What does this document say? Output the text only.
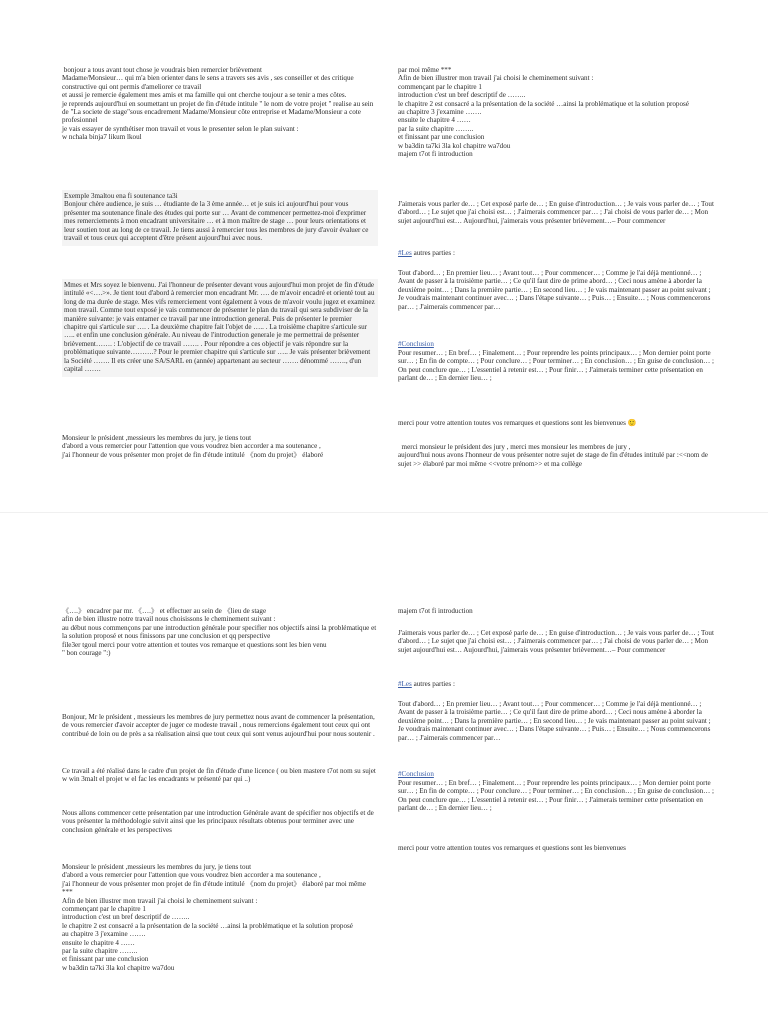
bonjour a tous avant tout chose je voudrais bien remercier brièvement
Madame/Monsieur… qui m'a bien orienter dans le sens a travers ses avis , ses conseiller et des critique constructive qui ont permis d'ameliorer ce travail
et aussi je remercie également mes amis et ma famille qui ont cherche toujour a se tenir a mes côtes.
je reprends aujourd'hui en soumettant un projet de fin d'étude intitule " le nom de votre projet " realise au sein de "La societe de stage"sous encadrement Madame/Monsieur côte entreprise et Madame/Monsieur a cote profesionnel
je vais essayer de synthétiser mon travail et vous le presenter selon le plan suivant :
w nchala binja7 likum lkoul
Exemple 3maltou ena fi soutenance ta3i
Bonjour chère audience, je suis … étudiante de la 3 ème année… et je suis ici aujourd'hui pour vous présenter ma soutenance finale des études qui porte sur … Avant de commencer permettez-moi d'exprimer mes remerciements à mon encadrant universitaire … et à mon maître de stage … pour leurs orientations et leur soutien tout au long de ce travail. Je tiens aussi à remercier tous les membres de jury d'avoir évaluer ce travail et tous ceux qui acceptent d'être présent aujourd'hui avec nous.
Mmes et Mrs soyez le bienvenu. J'ai l'honneur de présenter devant vous aujourd'hui mon projet de fin d'étude intitulé «<….>». Je tient tout d'abord à remercier mon encadrant Mr. …. de m'avoir encadré et orienté tout au long de ma durée de stage. Mes vifs remerciement vont également à vous de m'avoir voulu jugez et examinez mon travail. Comme tout exposé je vais commencer de présenter le plan du travail qui sera subdiviser de la manière suivante: je vais entamer ce travail par une introduction general. Puis de présenter le premier chapitre qui s'articule sur …. . La deuxième chapitre fait l'objet de ….. . La troisième chapitre s'articule sur ….. et enfin une conclusion générale. Au niveau de l'introduction generale je me permettrai de présenter brièvement……. : L'objectif de ce travail ……. . Pour répondre a ces objectif je vais répondre sur la problématique suivante……….? Pour le premier chapitre qui s'articule sur ….. Je vais présenter brièvement la Société ……. Il ets créer une SA/SARL en (année) appartenant au secteur ……. dénommé ……., d'un capital …….
Monsieur le président ,messieurs les membres du jury, je tiens tout
d'abord a vous remercier pour l'attention que vous voudrez bien accorder a ma soutenance ,
j'ai l'honneur de vous présenter mon projet de fin d'étude intitulé 《nom du projet》 élaboré
par moi même ***
Afin de bien illustrer mon travail j'ai choisi le cheminement suivant :
commençant par le chapitre 1
introduction c'est un bref descriptif de ……..
le chapitre 2 est consacré a la présentation de la société …ainsi la problématique et la solution proposé
au chapitre 3 j'examine …….
ensuite le chapitre 4 ……
par la suite chapitre ……..
et finissant par une conclusion
w ba3din ta7ki 3la kol chapitre wa7dou
majem t7ot fi introduction
J'aimerais vous parler de… ; Cet exposé parle de… ; En guise d'introduction… ; Je vais vous parler de… ; Tout d'abord… ; Le sujet que j'ai choisi est… ; J'aimerais commencer par… ; J'ai choisi de vous parler de… ; Mon sujet aujourd'hui est… Aujourd'hui, j'aimerais vous présenter brièvement…– Pour commencer
#Les autres parties :
Tout d'abord… ; En premier lieu… ; Avant tout… ; Pour commencer… ; Comme je l'ai déjà mentionné… ; Avant de passer à la troisième partie… ; Ce qu'il faut dire de prime abord… ; Ceci nous amène à aborder la deuxième point… ; Dans la première partie… ; En second lieu… ; Je vais maintenant passer au point suivant ; Je voudrais maintenant continuer avec… ; Dans l'étape suivante… ; Puis… ; Ensuite… ; Nous commencerons par… ; J'aimerais commencer par…
#Conclusion
Pour resumer… ; En bref… ; Finalement… ; Pour reprendre les points principaux… ; Mon dernier point porte sur… ; En fin de compte… ; Pour conclure… ; Pour terminer… ; En conclusion… ; En guise de conclusion… ; On peut conclure que… ; L'essentiel à retenir est… ; Pour finir… ; J'aimerais terminer cette présentation en parlant de… ; En dernier lieu… ;
merci pour votre attention toutes vos remarques et questions sont les bienvenues 🙂
merci monsieur le président des jury , merci mes monsieur les membres de jury ,
aujourd'hui nous avons l'honneur de vous présenter notre sujet de stage de fin d'études intitulé par :<<nom de sujet >> élaboré par moi même <<votre prénom>> et ma collège
《….》 encadrer par mr. 《….》 et effectuer au sein de 《lieu de stage
afin de bien illustre notre travail nous choisissons le cheminement suivant :
au début nous commençons par une introduction générale pour specifier nos objectifs ainsi la problématique et la solution proposé et nous finissons par une conclusion et qq perspective
file3er tgoul merci pour votre attention et toutes vos remarque et questions sont les bien venu
" bon courage ":)
Bonjour, Mr le président , messieurs les membres de jury permettez nous avant de commencer la présentation, de vous remercier d'avoir accepter de juger ce modeste travail , nous remercions également tout ceux qui ont contribué de loin ou de près a sa réalisation ainsi que tout ceux qui sont venus aujourd'hui pour nous soutenir .
Ce travail a été réalisé dans le cadre d'un projet de fin d'étude d'une licence ( ou bien mastere t7ot nom su sujet w win 3malt el projet w el fac les encadrants w présenté par qui ..)
Nous allons commencer cette présentation par une introduction Générale avant de spécifier nos objectifs et de vous présenter la méthodologie suivit ainsi que les principaux résultats obtenus pour terminer avec une conclusion générale et les perspectives
Monsieur le président ,messieurs les membres du jury, je tiens tout
d'abord a vous remercier pour l'attention que vous voudrez bien accorder a ma soutenance ,
j'ai l'honneur de vous présenter mon projet de fin d'étude intitulé 《nom du projet》 élaboré par moi même ***
Afin de bien illustrer mon travail j'ai choisi le cheminement suivant :
commençant par le chapitre 1
introduction c'est un bref descriptif de ……..
le chapitre 2 est consacré a la présentation de la société …ainsi la problématique et la solution proposé
au chapitre 3 j'examine …….
ensuite le chapitre 4 ……
par la suite chapitre ……..
et finissant par une conclusion
w ba3din ta7ki 3la kol chapitre wa7dou
majem t7ot fi introduction
J'aimerais vous parler de… ; Cet exposé parle de… ; En guise d'introduction… ; Je vais vous parler de… ; Tout d'abord… ; Le sujet que j'ai choisi est… ; J'aimerais commencer par… ; J'ai choisi de vous parler de… ; Mon sujet aujourd'hui est… Aujourd'hui, j'aimerais vous présenter brièvement…– Pour commencer
#Les autres parties :
Tout d'abord… ; En premier lieu… ; Avant tout… ; Pour commencer… ; Comme je l'ai déjà mentionné… ; Avant de passer à la troisième partie… ; Ce qu'il faut dire de prime abord… ; Ceci nous amène à aborder la deuxième point… ; Dans la première partie… ; En second lieu… ; Je vais maintenant passer au point suivant ; Je voudrais maintenant continuer avec… ; Dans l'étape suivante… ; Puis… ; Ensuite… ; Nous commencerons par… ; J'aimerais commencer par…
#Conclusion
Pour resumer… ; En bref… ; Finalement… ; Pour reprendre les points principaux… ; Mon dernier point porte sur… ; En fin de compte… ; Pour conclure… ; Pour terminer… ; En conclusion… ; En guise de conclusion… ; On peut conclure que… ; L'essentiel à retenir est… ; Pour finir… ; J'aimerais terminer cette présentation en parlant de… ; En dernier lieu… ;
merci pour votre attention toutes vos remarques et questions sont les bienvenues
